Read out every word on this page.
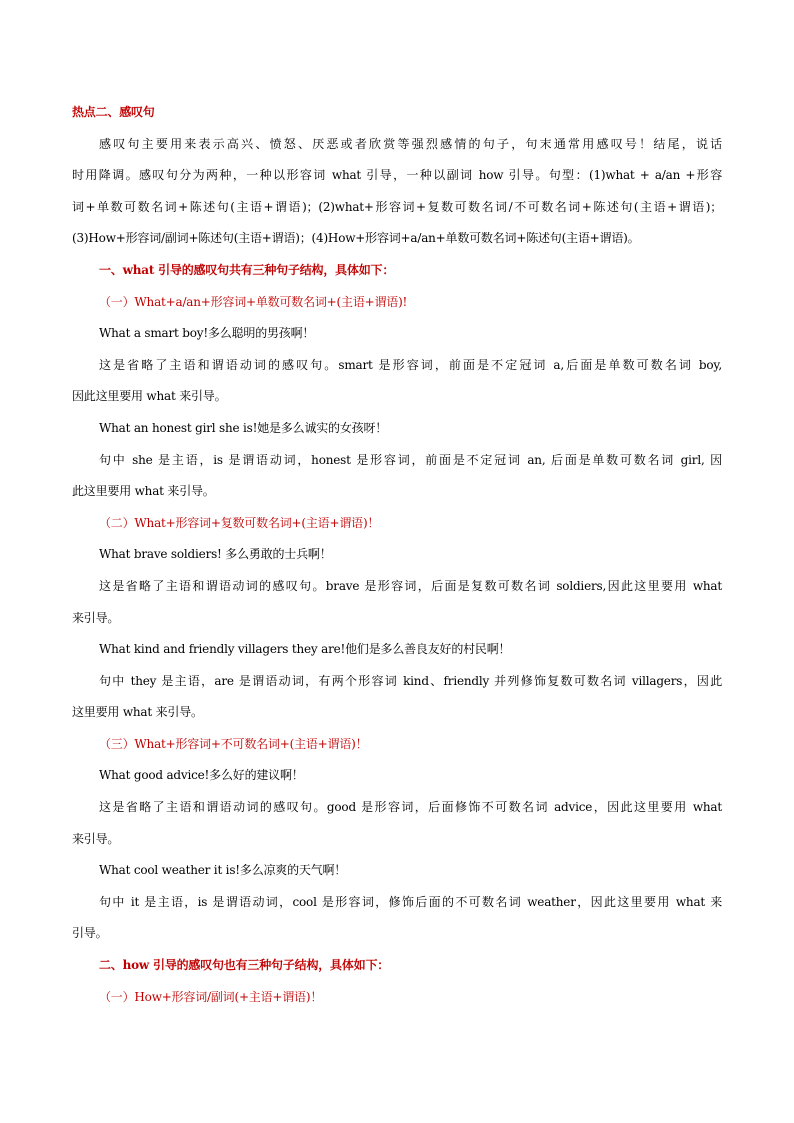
热点二、感叹句
感叹句主要用来表示高兴、愤怒、厌恶或者欣赏等强烈感情的句子，句末通常用感叹号！结尾，说话
时用降调。感叹句分为两种，一种以形容词 what 引导，一种以副词 how 引导。句型：(1)what + a/an +形容
词+单数可数名词+陈述句(主语+谓语)；(2)what+形容词+复数可数名词/不可数名词+陈述句(主语+谓语)；
(3)How+形容词/副词+陈述句(主语+谓语)；(4)How+形容词+a/an+单数可数名词+陈述句(主语+谓语)。
一、what 引导的感叹句共有三种句子结构，具体如下：
（一）What+a/an+形容词+单数可数名词+(主语+谓语)!
What a smart boy!多么聪明的男孩啊！
这是省略了主语和谓语动词的感叹句。smart 是形容词，前面是不定冠词 a,后面是单数可数名词 boy,
因此这里要用 what 来引导。
What an honest girl she is!她是多么诚实的女孩呀！
句中 she 是主语，is 是谓语动词，honest 是形容词，前面是不定冠词 an, 后面是单数可数名词 girl, 因
此这里要用 what 来引导。
（二）What+形容词+复数可数名词+(主语+谓语)！
What brave soldiers! 多么勇敢的士兵啊！
这是省略了主语和谓语动词的感叹句。brave 是形容词，后面是复数可数名词 soldiers,因此这里要用 what
来引导。
What kind and friendly villagers they are!他们是多么善良友好的村民啊！
句中 they 是主语，are 是谓语动词，有两个形容词 kind、friendly 并列修饰复数可数名词 villagers，因此
这里要用 what 来引导。
（三）What+形容词+不可数名词+(主语+谓语)！
What good advice!多么好的建议啊！
这是省略了主语和谓语动词的感叹句。good 是形容词，后面修饰不可数名词 advice，因此这里要用 what
来引导。
What cool weather it is!多么凉爽的天气啊！
句中 it 是主语，is 是谓语动词，cool 是形容词，修饰后面的不可数名词 weather，因此这里要用 what 来
引导。
二、how 引导的感叹句也有三种句子结构，具体如下：
（一）How+形容词/副词(+主语+谓语)！
